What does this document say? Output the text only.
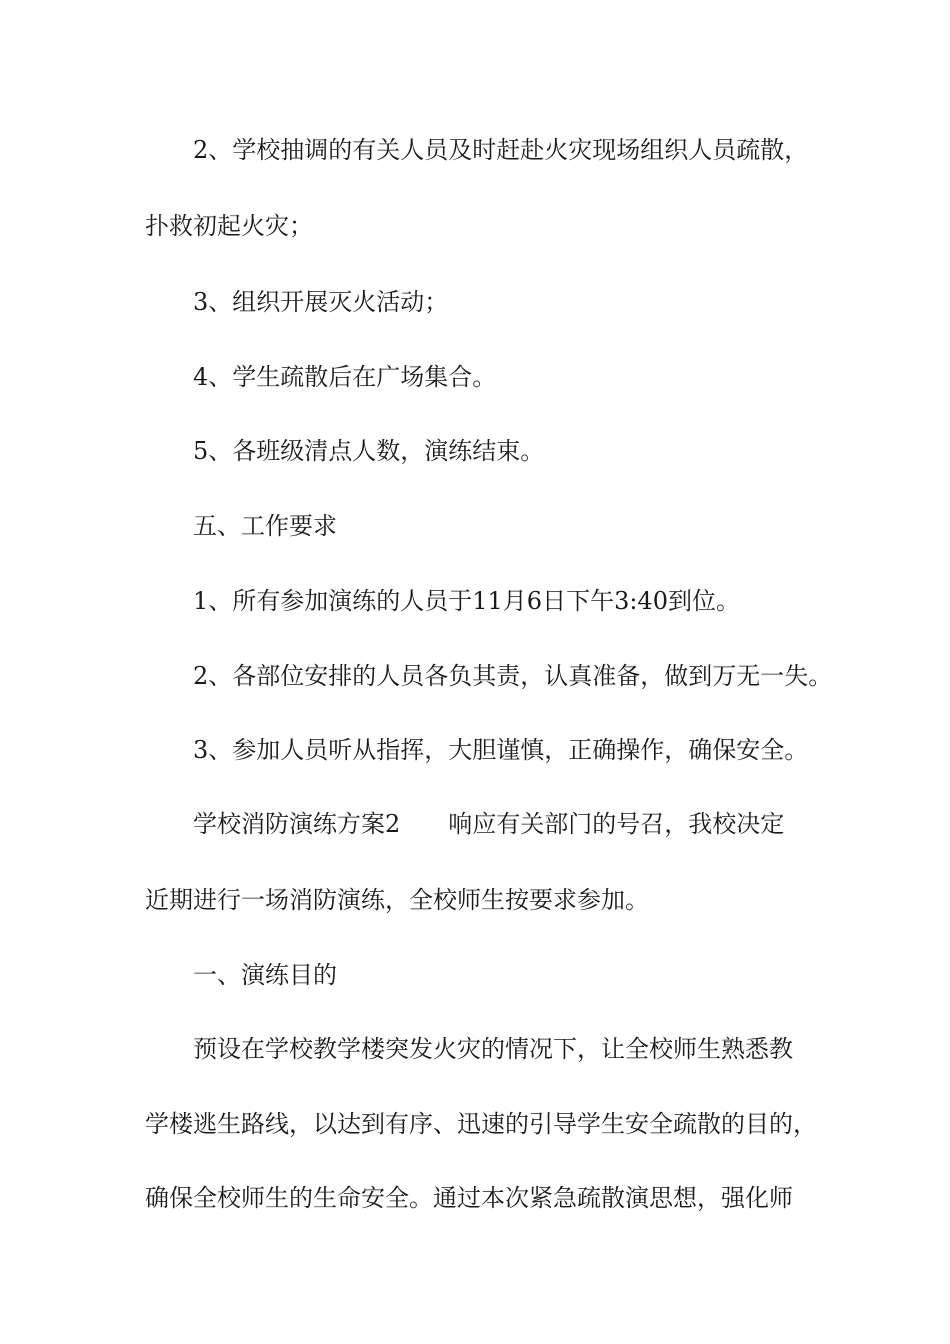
2、学校抽调的有关人员及时赶赴火灾现场组织人员疏散，
扑救初起火灾；
3、组织开展灭火活动；
4、学生疏散后在广场集合。
5、各班级清点人数，演练结束。
五、工作要求
1、所有参加演练的人员于11月6日下午3:40到位。
2、各部位安排的人员各负其责，认真准备，做到万无一失。
3、参加人员听从指挥，大胆谨慎，正确操作，确保安全。
学校消防演练方案2　　响应有关部门的号召，我校决定
近期进行一场消防演练，全校师生按要求参加。
一、演练目的
预设在学校教学楼突发火灾的情况下，让全校师生熟悉教
学楼逃生路线，以达到有序、迅速的引导学生安全疏散的目的，
确保全校师生的生命安全。通过本次紧急疏散演思想，强化师
